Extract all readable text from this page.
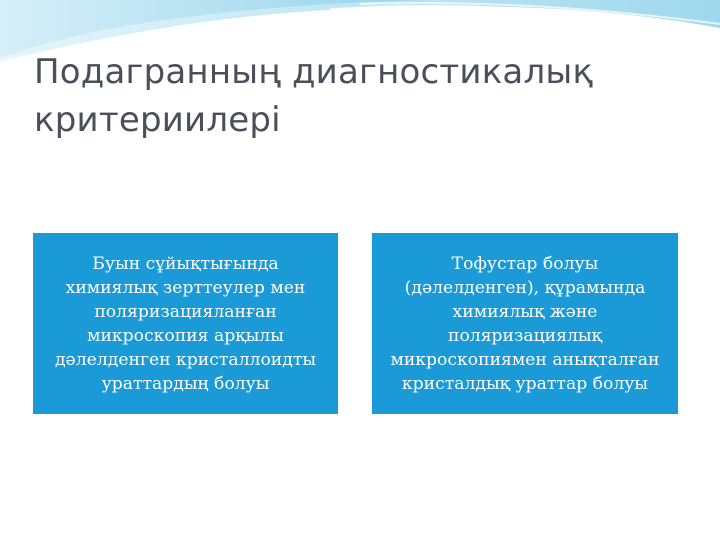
Подагранның диагностикалық
критериилері

Буын сұйықтығында
химиялық зерттеулер мен
поляризацияланған
микроскопия арқылы
дәлелденген кристаллоидты
ураттардың болуы

Тофустар болуы
(дәлелденген), құрамында
химиялық және
поляризациялық
микроскопиямен анықталған
кристалдық ураттар болуы
